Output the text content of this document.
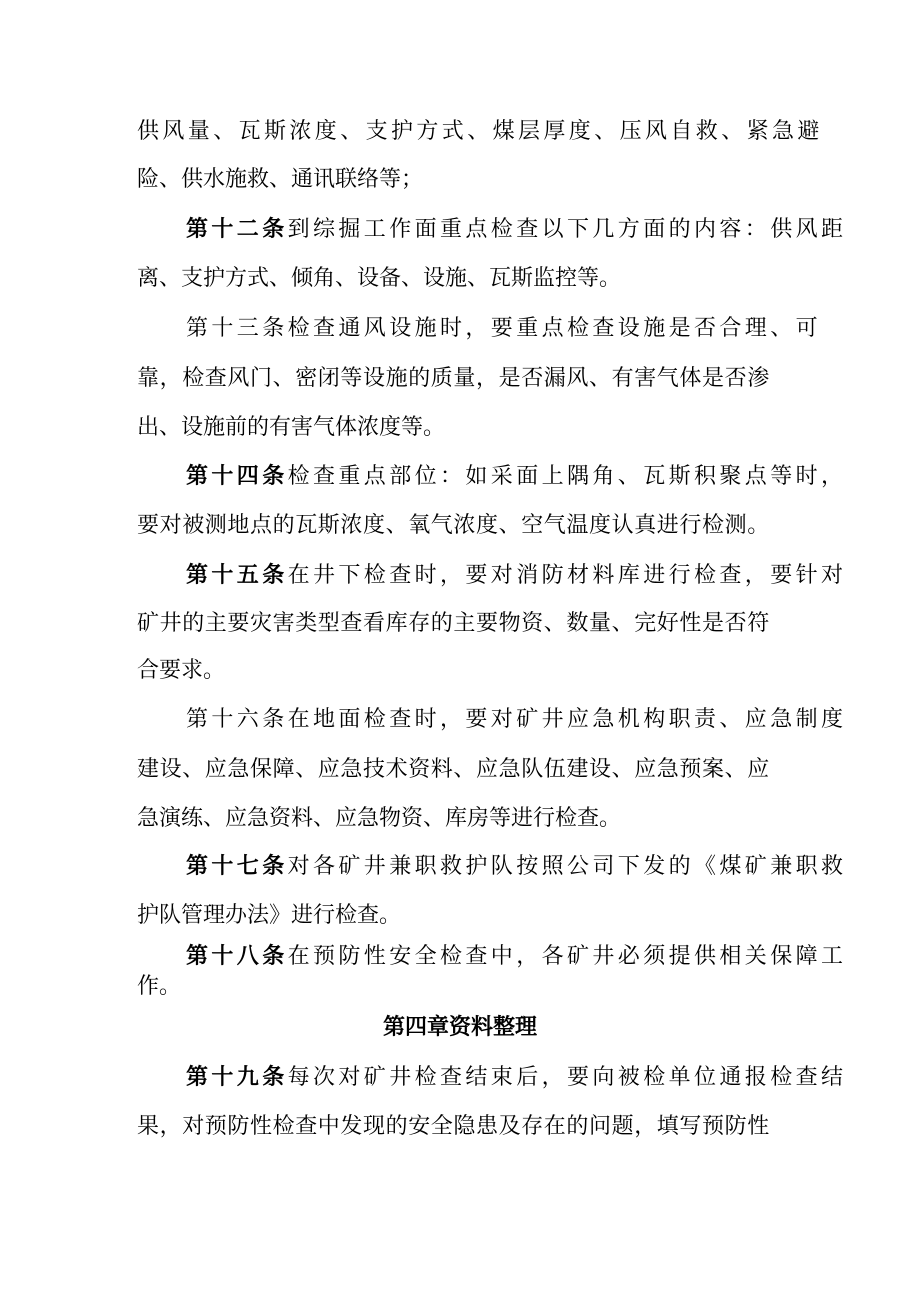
供风量、瓦斯浓度、支护方式、煤层厚度、压风自救、紧急避
险、供水施救、通讯联络等；
第十二条到综掘工作面重点检查以下几方面的内容：供风距
离、支护方式、倾角、设备、设施、瓦斯监控等。
第十三条检查通风设施时，要重点检查设施是否合理、可
靠，检查风门、密闭等设施的质量，是否漏风、有害气体是否渗
出、设施前的有害气体浓度等。
第十四条检查重点部位：如采面上隅角、瓦斯积聚点等时，
要对被测地点的瓦斯浓度、氧气浓度、空气温度认真进行检测。
第十五条在井下检查时，要对消防材料库进行检查，要针对
矿井的主要灾害类型查看库存的主要物资、数量、完好性是否符
合要求。
第十六条在地面检查时，要对矿井应急机构职责、应急制度
建设、应急保障、应急技术资料、应急队伍建设、应急预案、应
急演练、应急资料、应急物资、库房等进行检查。
第十七条对各矿井兼职救护队按照公司下发的《煤矿兼职救
护队管理办法》进行检查。
第十八条在预防性安全检查中，各矿井必须提供相关保障工
作。
第四章资料整理
第十九条每次对矿井检查结束后，要向被检单位通报检查结
果，对预防性检查中发现的安全隐患及存在的问题，填写预防性
